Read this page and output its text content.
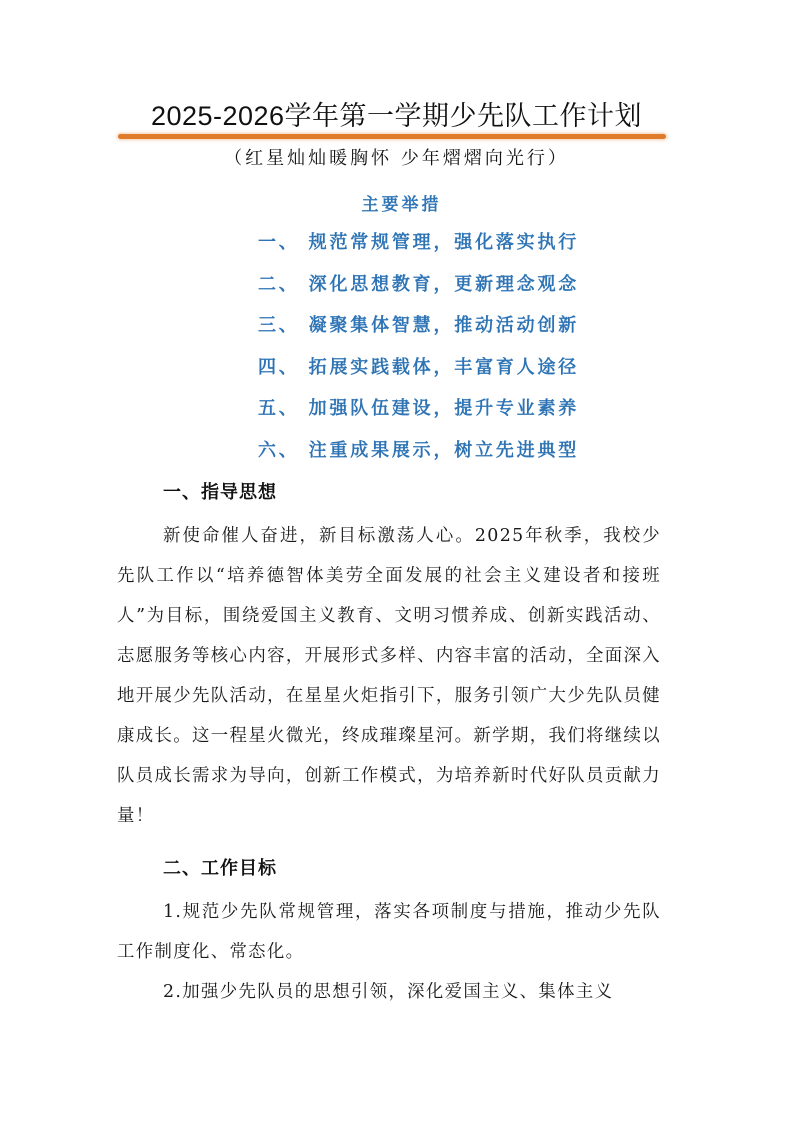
2025-2026学年第一学期少先队工作计划
（红星灿灿暖胸怀 少年熠熠向光行）
主要举措
一、 规范常规管理，强化落实执行
二、 深化思想教育，更新理念观念
三、 凝聚集体智慧，推动活动创新
四、 拓展实践载体，丰富育人途径
五、 加强队伍建设，提升专业素养
六、 注重成果展示，树立先进典型
一、指导思想

新使命催人奋进，新目标激荡人心。2025年秋季，我校少先队工作以“培养德智体美劳全面发展的社会主义建设者和接班人”为目标，围绕爱国主义教育、文明习惯养成、创新实践活动、志愿服务等核心内容，开展形式多样、内容丰富的活动，全面深入地开展少先队活动，在星星火炬指引下，服务引领广大少先队员健康成长。这一程星火微光，终成璀璨星河。新学期，我们将继续以队员成长需求为导向，创新工作模式，为培养新时代好队员贡献力量！

二、工作目标

1.规范少先队常规管理，落实各项制度与措施，推动少先队工作制度化、常态化。

2.加强少先队员的思想引领，深化爱国主义、集体主义
